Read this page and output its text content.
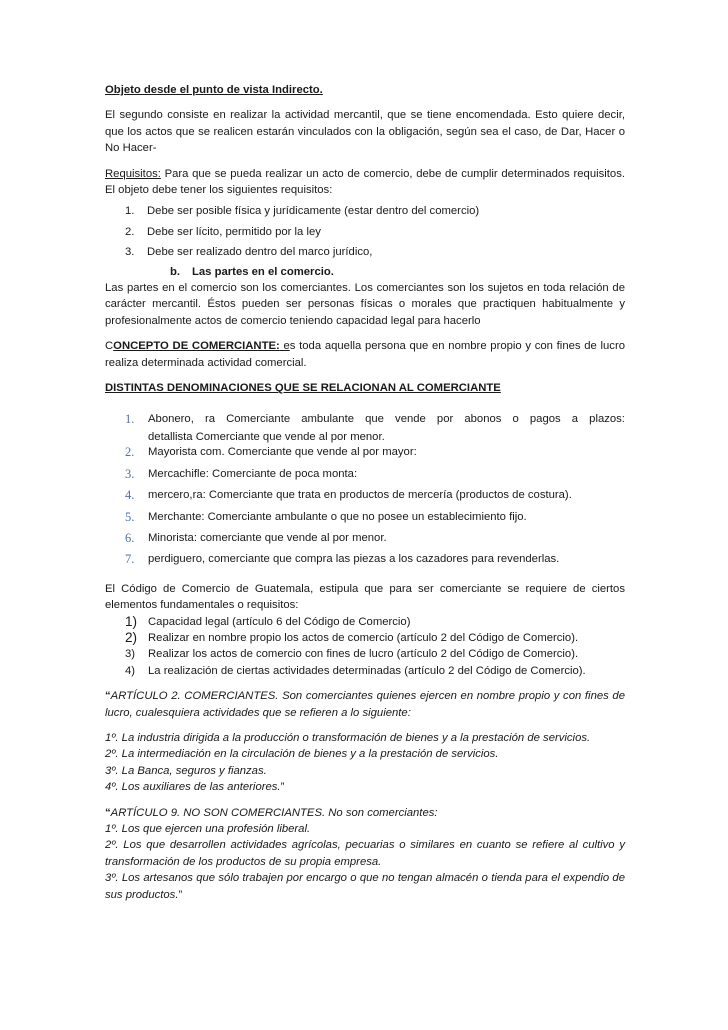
Objeto desde el punto de vista Indirecto.

El segundo consiste en realizar la actividad mercantil, que se tiene encomendada. Esto quiere decir, que los actos que se realicen estarán vinculados con la obligación, según sea el caso, de Dar, Hacer o No Hacer-

Requisitos: Para que se pueda realizar un acto de comercio, debe de cumplir determinados requisitos. El objeto debe tener los siguientes requisitos:

1. Debe ser posible física y jurídicamente (estar dentro del comercio)
2. Debe ser lícito, permitido por la ley
3. Debe ser realizado dentro del marco jurídico,

b. Las partes en el comercio.

Las partes en el comercio son los comerciantes. Los comerciantes son los sujetos en toda relación de carácter mercantil. Éstos pueden ser personas físicas o morales que practiquen habitualmente y profesionalmente actos de comercio teniendo capacidad legal para hacerlo

CONCEPTO DE COMERCIANTE: es toda aquella persona que en nombre propio y con fines de lucro realiza determinada actividad comercial.

DISTINTAS DENOMINACIONES QUE SE RELACIONAN AL COMERCIANTE

1. Abonero, ra Comerciante ambulante que vende por abonos o pagos a plazos:
detallista Comerciante que vende al por menor.
2. Mayorista com. Comerciante que vende al por mayor:
3. Mercachifle: Comerciante de poca monta:
4. mercero,ra: Comerciante que trata en productos de mercería (productos de costura).
5. Merchante: Comerciante ambulante o que no posee un establecimiento fijo.
6. Minorista: comerciante que vende al por menor.
7. perdiguero, comerciante que compra las piezas a los cazadores para revenderlas.

El Código de Comercio de Guatemala, estipula que para ser comerciante se requiere de ciertos elementos fundamentales o requisitos:

1) Capacidad legal (artículo 6 del Código de Comercio)
2) Realizar en nombre propio los actos de comercio (artículo 2 del Código de Comercio).
3) Realizar los actos de comercio con fines de lucro (artículo 2 del Código de Comercio).
4) La realización de ciertas actividades determinadas (artículo 2 del Código de Comercio).

“ARTÍCULO 2. COMERCIANTES. Son comerciantes quienes ejercen en nombre propio y con fines de lucro, cualesquiera actividades que se refieren a lo siguiente:

1º. La industria dirigida a la producción o transformación de bienes y a la prestación de servicios.

2º. La intermediación en la circulación de bienes y a la prestación de servicios.

3º. La Banca, seguros y fianzas.

4º. Los auxiliares de las anteriores.”

“ARTÍCULO 9. NO SON COMERCIANTES. No son comerciantes:

1º. Los que ejercen una profesión liberal.

2º. Los que desarrollen actividades agrícolas, pecuarias o similares en cuanto se refiere al cultivo y transformación de los productos de su propia empresa.

3º. Los artesanos que sólo trabajen por encargo o que no tengan almacén o tienda para el expendio de sus productos.”
